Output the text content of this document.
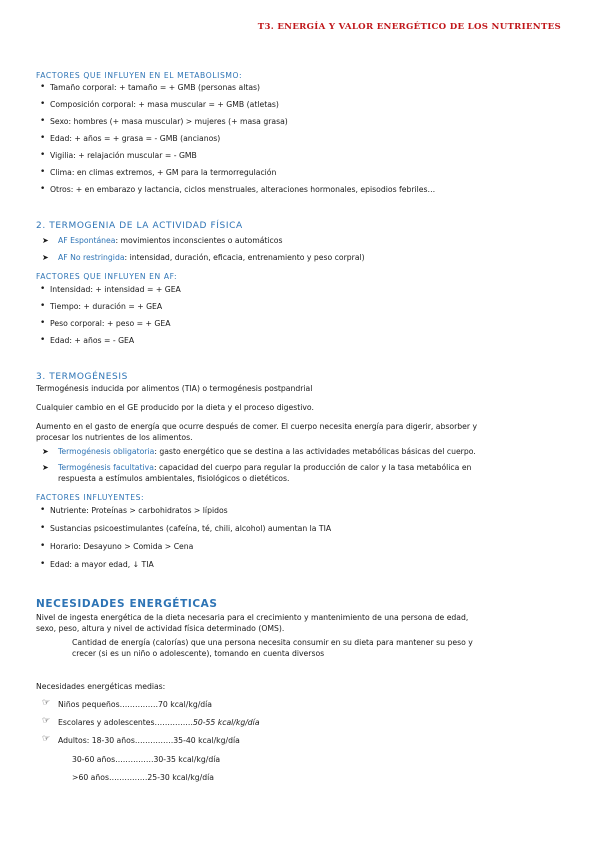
T3. ENERGÍA Y VALOR ENERGÉTICO DE LOS NUTRIENTES
FACTORES QUE INFLUYEN EN EL METABOLISMO:
• Tamaño corporal: + tamaño = + GMB (personas altas)
• Composición corporal: + masa muscular = + GMB (atletas)
• Sexo: hombres (+ masa muscular) > mujeres (+ masa grasa)
• Edad: + años = + grasa = - GMB (ancianos)
• Vigilia: + relajación muscular = - GMB
• Clima: en climas extremos, + GM para la termorregulación
• Otros: + en embarazo y lactancia, ciclos menstruales, alteraciones hormonales, episodios febriles…
2. TERMOGENIA DE LA ACTIVIDAD FÍSICA
➤ AF Espontánea: movimientos inconscientes o automáticos
➤ AF No restringida: intensidad, duración, eficacia, entrenamiento y peso corpral)
FACTORES QUE INFLUYEN EN AF:
• Intensidad: + intensidad = + GEA
• Tiempo: + duración = + GEA
• Peso corporal: + peso = + GEA
• Edad: + años = - GEA
3. TERMOGÉNESIS
Termogénesis inducida por alimentos (TIA) o termogénesis postpandrial
Cualquier cambio en el GE producido por la dieta y el proceso digestivo.
Aumento en el gasto de energía que ocurre después de comer. El cuerpo necesita energía para digerir, absorber y
procesar los nutrientes de los alimentos.
➤ Termogénesis obligatoria: gasto energético que se destina a las actividades metabólicas básicas del cuerpo.
➤ Termogénesis facultativa: capacidad del cuerpo para regular la producción de calor y la tasa metabólica en
respuesta a estímulos ambientales, fisiológicos o dietéticos.
FACTORES INFLUYENTES:
• Nutriente: Proteínas > carbohidratos > lípidos
• Sustancias psicoestimulantes (cafeína, té, chili, alcohol) aumentan la TIA
• Horario: Desayuno > Comida > Cena
• Edad: a mayor edad, ↓ TIA
NECESIDADES ENERGÉTICAS
Nivel de ingesta energética de la dieta necesaria para el crecimiento y mantenimiento de una persona de edad,
sexo, peso, altura y nivel de actividad física determinado (OMS).
Cantidad de energía (calorías) que una persona necesita consumir en su dieta para mantener su peso y
crecer (si es un niño o adolescente), tomando en cuenta diversos
Necesidades energéticas medias:
☞ Niños pequeños……………70 kcal/kg/día
☞ Escolares y adolescentes……………50-55 kcal/kg/día
☞ Adultos: 18-30 años……………35-40 kcal/kg/día
30-60 años……………30-35 kcal/kg/día
>60 años……………25-30 kcal/kg/día
